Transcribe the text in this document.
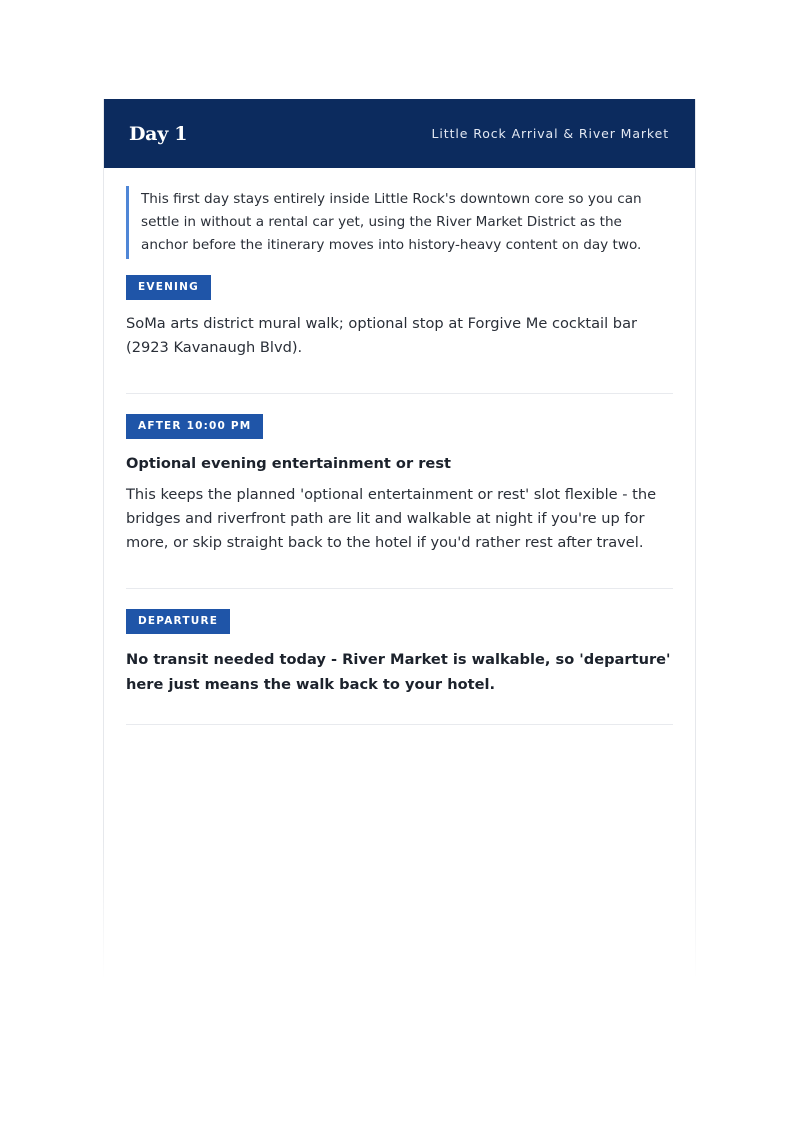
Day 1	Little Rock Arrival & River Market
This first day stays entirely inside Little Rock's downtown core so you can settle in without a rental car yet, using the River Market District as the anchor before the itinerary moves into history-heavy content on day two.
EVENING
SoMa arts district mural walk; optional stop at Forgive Me cocktail bar (2923 Kavanaugh Blvd).
AFTER 10:00 PM
Optional evening entertainment or rest
This keeps the planned 'optional entertainment or rest' slot flexible - the bridges and riverfront path are lit and walkable at night if you're up for more, or skip straight back to the hotel if you'd rather rest after travel.
DEPARTURE
No transit needed today - River Market is walkable, so 'departure' here just means the walk back to your hotel.
